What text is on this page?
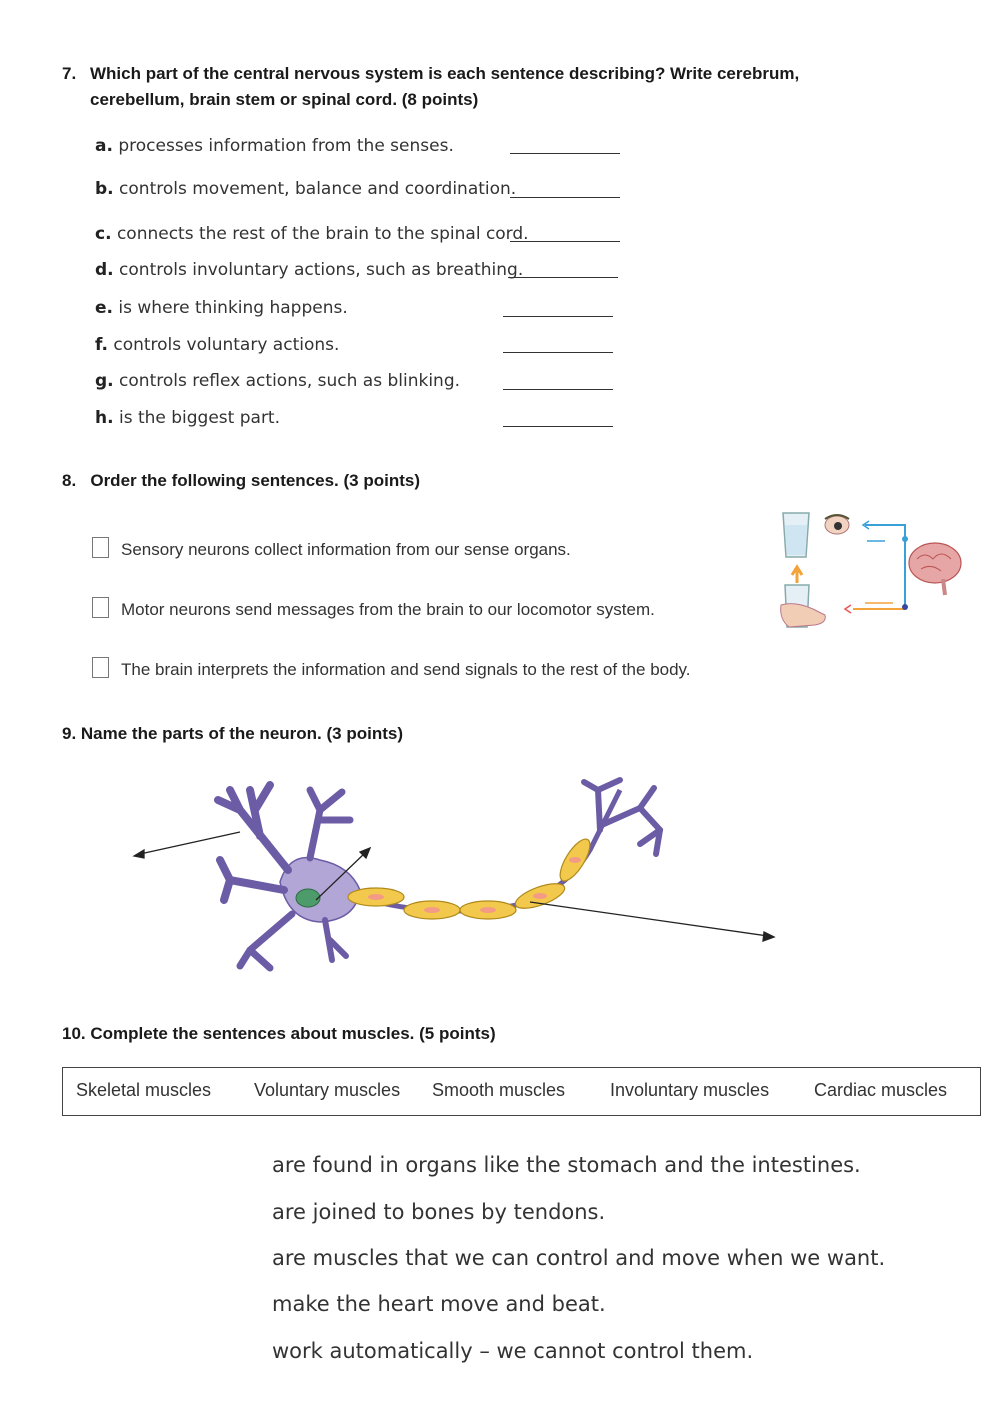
7. Which part of the central nervous system is each sentence describing? Write cerebrum,
cerebellum, brain stem or spinal cord. (8 points)
a. processes information from the senses.
b. controls movement, balance and coordination.
c. connects the rest of the brain to the spinal cord.
d. controls involuntary actions, such as breathing.
e. is where thinking happens.
f. controls voluntary actions.
g. controls reflex actions, such as blinking.
h. is the biggest part.
8.   Order the following sentences. (3 points)
Sensory neurons collect information from our sense organs.
Motor neurons send messages from the brain to our locomotor system.
The brain interprets the information and send signals to the rest of the body.
9. Name the parts of the neuron. (3 points)
10. Complete the sentences about muscles. (5 points)
Skeletal muscles Voluntary muscles Smooth muscles Involuntary muscles Cardiac muscles
are found in organs like the stomach and the intestines.
are joined to bones by tendons.
are muscles that we can control and move when we want.
make the heart move and beat.
work automatically – we cannot control them.
